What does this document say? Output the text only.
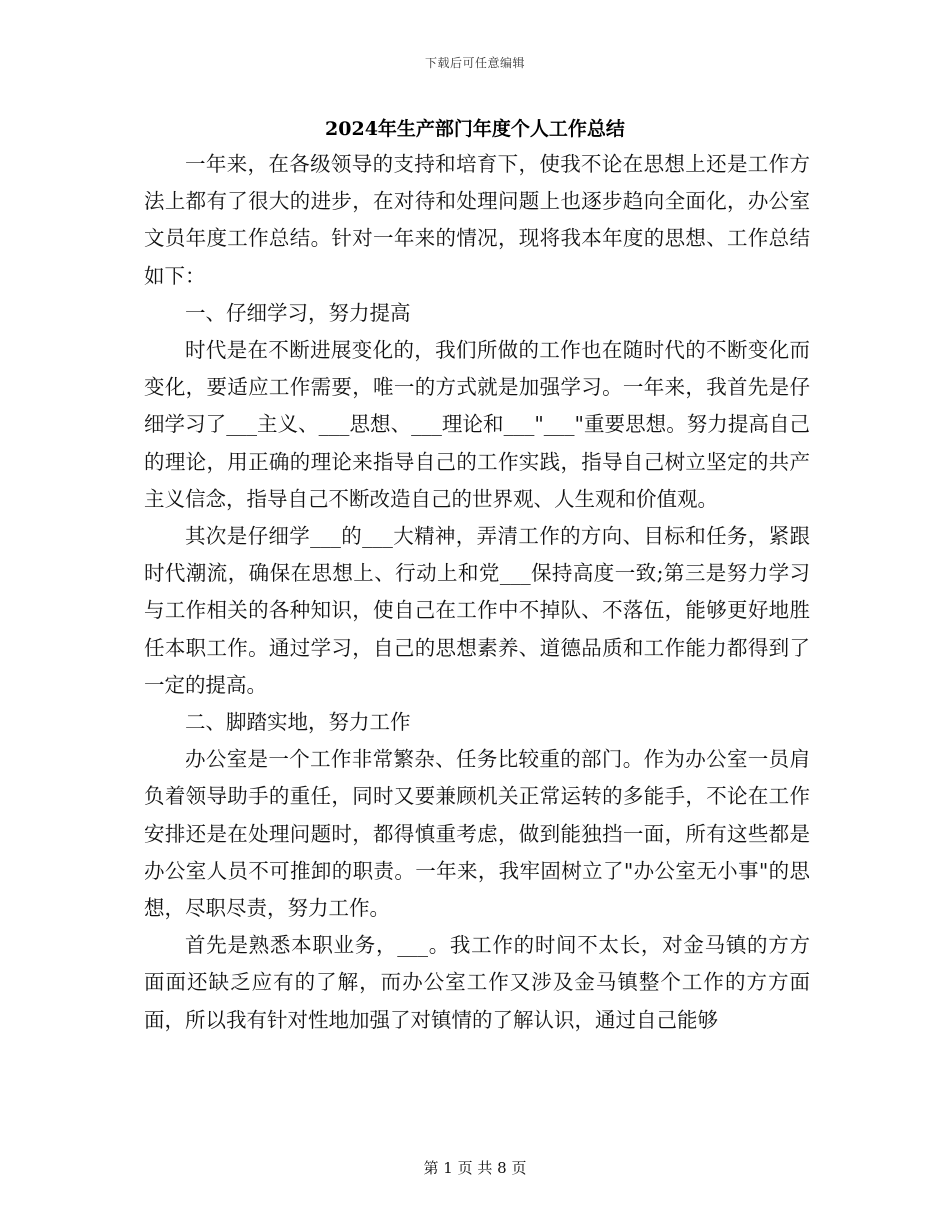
下载后可任意编辑
2024年生产部门年度个人工作总结

一年来，在各级领导的支持和培育下，使我不论在思想上还是工作方法上都有了很大的进步，在对待和处理问题上也逐步趋向全面化，办公室文员年度工作总结。针对一年来的情况，现将我本年度的思想、工作总结如下：

一、仔细学习，努力提高

时代是在不断进展变化的，我们所做的工作也在随时代的不断变化而变化，要适应工作需要，唯一的方式就是加强学习。一年来，我首先是仔细学习了___主义、___思想、___理论和___"___"重要思想。努力提高自己的理论，用正确的理论来指导自己的工作实践，指导自己树立坚定的共产主义信念，指导自己不断改造自己的世界观、人生观和价值观。

其次是仔细学___的___大精神，弄清工作的方向、目标和任务，紧跟时代潮流，确保在思想上、行动上和党___保持高度一致;第三是努力学习与工作相关的各种知识，使自己在工作中不掉队、不落伍，能够更好地胜任本职工作。通过学习，自己的思想素养、道德品质和工作能力都得到了一定的提高。

二、脚踏实地，努力工作

办公室是一个工作非常繁杂、任务比较重的部门。作为办公室一员肩负着领导助手的重任，同时又要兼顾机关正常运转的多能手，不论在工作安排还是在处理问题时，都得慎重考虑，做到能独挡一面，所有这些都是办公室人员不可推卸的职责。一年来，我牢固树立了"办公室无小事"的思想，尽职尽责，努力工作。

首先是熟悉本职业务，___。我工作的时间不太长，对金马镇的方方面面还缺乏应有的了解，而办公室工作又涉及金马镇整个工作的方方面面，所以我有针对性地加强了对镇情的了解认识，通过自己能够

第 1 页 共 8 页
